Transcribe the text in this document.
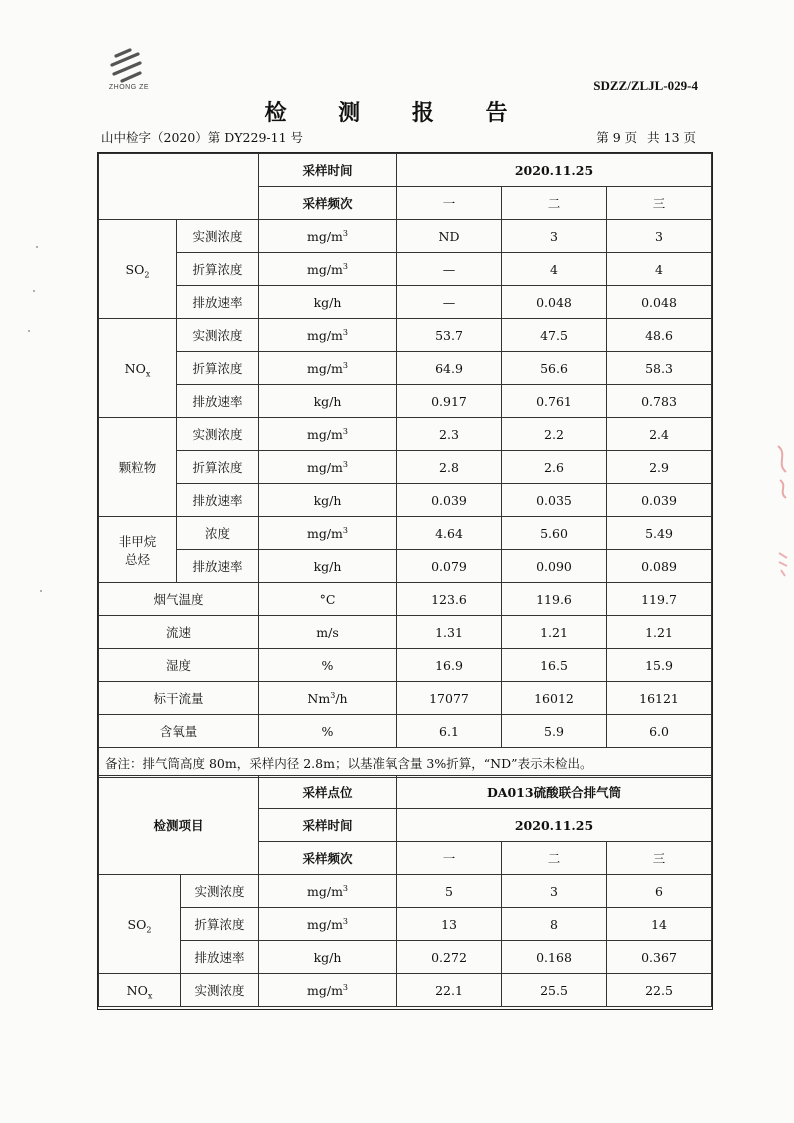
ZHONG ZE	SDZZ/ZLJL-029-4
检 测 报 告
山中检字（2020）第 DY229-11 号	第 9 页 共 13 页
		采样时间	2020.11.25		
		采样频次	一	二	三
$SO_2$	实测浓度	$mg/m^3$	ND	3	3
	折算浓度	$mg/m^3$	—	4	4
	排放速率	kg/h	—	0.048	0.048
$NO_x$	实测浓度	$mg/m^3$	53.7	47.5	48.6
	折算浓度	$mg/m^3$	64.9	56.6	58.3
	排放速率	kg/h	0.917	0.761	0.783
颗粒物	实测浓度	$mg/m^3$	2.3	2.2	2.4
	折算浓度	$mg/m^3$	2.8	2.6	2.9
	排放速率	kg/h	0.039	0.035	0.039
非甲烷
总烃	浓度	$mg/m^3$	4.64	5.60	5.49
	排放速率	kg/h	0.079	0.090	0.089
烟气温度		°C	123.6	119.6	119.7
流速		m/s	1.31	1.21	1.21
湿度		%	16.9	16.5	15.9
标干流量		Nm$^3$/h	17077	16012	16121
含氧量		%	6.1	5.9	6.0
备注：排气筒高度 80m，采样内径 2.8m；以基准氧含量 3%折算，“ND”表示未检出。					
检测项目		采样点位	DA013硫酸联合排气筒		
		采样时间	2020.11.25		
		采样频次	一	二	三
$SO_2$	实测浓度	$mg/m^3$	5	3	6
	折算浓度	$mg/m^3$	13	8	14
	排放速率	kg/h	0.272	0.168	0.367
$NO_x$	实测浓度	$mg/m^3$	22.1	25.5	22.5
